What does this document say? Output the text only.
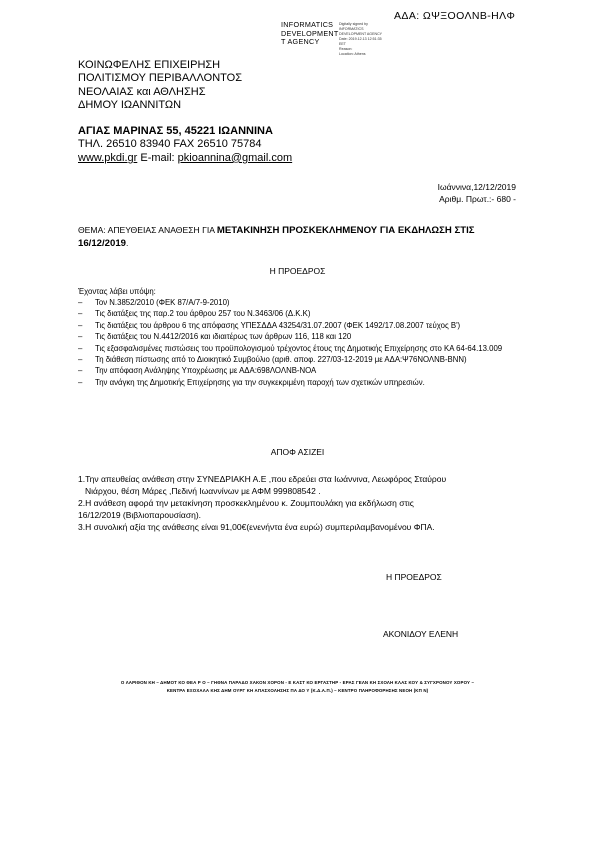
ΑΔΑ: ΩΨΞΟΟΛΝΒ-ΗΛΦ
INFORMATICS
DEVELOPMENT
T AGENCY
Digitally signed by
INFORMATICS
DEVELOPMENT AGENCY
Date: 2019.12.13 12:51:35
EET
Reason:
Location: Athens
ΚΟΙΝΩΦΕΛΗΣ ΕΠΙΧΕΙΡΗΣΗ
ΠΟΛΙΤΙΣΜΟΥ ΠΕΡΙΒΑΛΛΟΝΤΟΣ
ΝΕΟΛΑΙΑΣ και ΑΘΛΗΣΗΣ
ΔΗΜΟΥ ΙΩΑΝΝΙΤΩΝ
ΑΓΙΑΣ ΜΑΡΙΝΑΣ 55, 45221 ΙΩΑΝΝΙΝΑ
ΤΗΛ. 26510 83940 FAX 26510 75784
www.pkdi.gr E-mail: pkioannina@gmail.com
Ιωάννινα,12/12/2019
Αριθμ. Πρωτ.:- 680 -
ΘΕΜΑ: ΑΠΕΥΘΕΙΑΣ ΑΝΑΘΕΣΗ ΓΙΑ ΜΕΤΑΚΙΝΗΣΗ ΠΡΟΣΚΕΚΛΗΜΕΝΟΥ ΓΙΑ ΕΚΔΗΛΩΣΗ ΣΤΙΣ 16/12/2019.
Η ΠΡΟΕΔΡΟΣ
Έχοντας λάβει υπόψη:
– Τον Ν.3852/2010 (ΦΕΚ 87/Α/7-9-2010)
– Τις διατάξεις της παρ.2 του άρθρου 257 του Ν.3463/06 (Δ.Κ.Κ)
– Τις διατάξεις του άρθρου 6 της απόφασης ΥΠΕΣΔΔΑ 43254/31.07.2007 (ΦΕΚ 1492/17.08.2007 τεύχος Β')
– Τις διατάξεις του Ν.4412/2016 και ιδιαιτέρως των άρθρων 116, 118 και 120
– Τις εξασφαλισμένες πιστώσεις του προϋπολογισμού τρέχοντος έτους της Δημοτικής Επιχείρησης στο ΚΑ 64-64.13.009
– Τη διάθεση πίστωσης από το Διοικητικό Συμβούλιο (αριθ. αποφ. 227/03-12-2019 με ΑΔΑ:Ψ76ΝΟΛΝΒ-ΒΝΝ)
– Την απόφαση Ανάληψης Υποχρέωσης με ΑΔΑ:698ΛΟΛΝΒ-ΝΟΑ
– Την ανάγκη της Δημοτικής Επιχείρησης για την συγκεκριμένη παροχή των σχετικών υπηρεσιών.
ΑΠΟΦ ΑΣΙΖΕΙ

1.Την απευθείας ανάθεση στην ΣΥΝΕΔΡΙΑΚΗ Α.Ε ,που εδρεύει στα Ιωάννινα, Λεωφόρος Σταύρου

Νιάρχου, θέση Μάρες ,Πεδινή Ιωαννίνων με ΑΦΜ 999808542 .

2.Η ανάθεση αφορά την μετακίνηση προσκεκλημένου κ. Ζουμπουλάκη για εκδήλωση στις

16/12/2019 (Βιβλιοπαρουσίαση).

3.Η συνολική αξία της ανάθεσης είναι 91,00€(ενενήντα ένα ευρώ) συμπεριλαμβανομένου ΦΠΑ.

Η ΠΡΟΕΔΡΟΣ
ΑΚΟΝΙΔΟΥ ΕΛΕΝΗ
Ο ΛΑΡΙΘΟΝ ΚΗ – ΔΗΜΟΤ ΚΟ ΘΕΑ Ρ Ο – ΓΗΘΝΑ ΠΑΡΑΔΟ ΧΑΚΟΝ ΧΟΡΟΝ - Ε ΚΑΣΤ ΚΟ ΕΡΓΑΣΤΗΡ - ΕΡΑΣ ΓΕΛΝ ΚΗ ΣΧΟΛΗ ΚΛΑΣ ΚΟΥ & ΣΥΓΧΡΟΝΟΥ ΧΟΡΟΥ –
ΚΕΝΤΡΑ ΕΞΟΧΑΛΑ ΚΗΣ ΔΗΜ ΟΥΡΓ ΚΗ ΑΠΑΣΧΟΛΗΣΗΣ ΠΑ ΔΟ Υ (Κ.Δ.Α.Π.) – ΚΕΝΤΡΟ ΠΛΗΡΟΦΟΡΗΣΗΣ ΝΕΟΗ (ΚΠ Ν)
